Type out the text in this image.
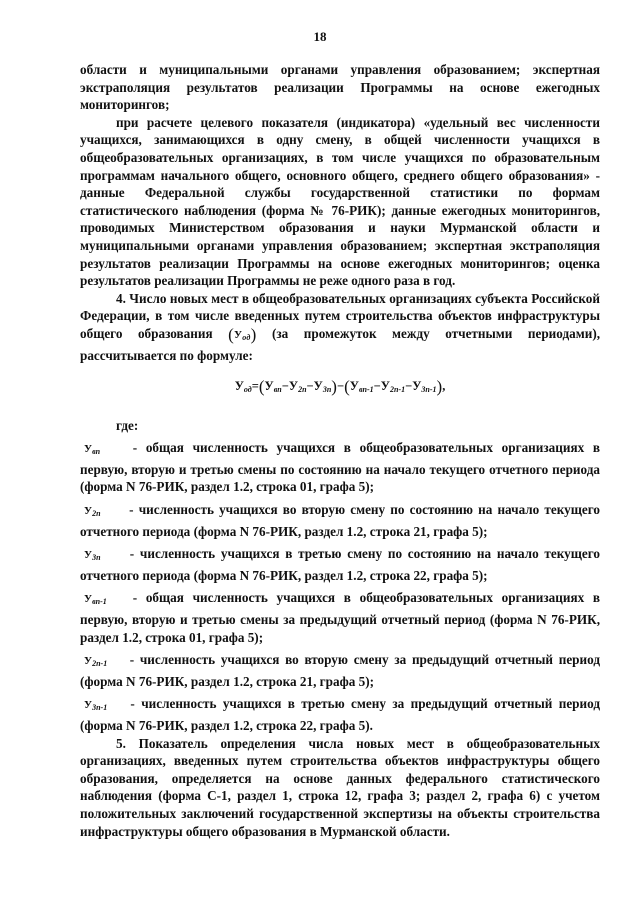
18

области и муниципальными органами управления образованием; экспертная экстраполяция результатов реализации Программы на основе ежегодных мониторингов;

при расчете целевого показателя (индикатора) «удельный вес численности учащихся, занимающихся в одну смену, в общей численности учащихся в общеобразовательных организациях, в том числе учащихся по образовательным программам начального общего, основного общего, среднего общего образования» - данные Федеральной службы государственной статистики по формам статистического наблюдения (форма № 76-РИК); данные ежегодных мониторингов, проводимых Министерством образования и науки Мурманской области и муниципальными органами управления образованием; экспертная экстраполяция результатов реализации Программы на основе ежегодных мониторингов; оценка результатов реализации Программы не реже одного раза в год.

4. Число новых мест в общеобразовательных организациях субъекта Российской Федерации, в том числе введенных путем строительства объектов инфраструктуры общего образования $(У_{од})$ (за промежуток между отчетными периодами), рассчитывается по формуле:

$У_{од}=(У_{вп}-У_{2п}-У_{3п})-(У_{вп-1}-У_{2п-1}-У_{3п-1})$,

где:

$У_{вп}$ - общая численность учащихся в общеобразовательных организациях в первую, вторую и третью смены по состоянию на начало текущего отчетного периода (форма N 76-РИК, раздел 1.2, строка 01, графа 5);

$У_{2п}$ - численность учащихся во вторую смену по состоянию на начало текущего отчетного периода (форма N 76-РИК, раздел 1.2, строка 21, графа 5);

$У_{3п}$ - численность учащихся в третью смену по состоянию на начало текущего отчетного периода (форма N 76-РИК, раздел 1.2, строка 22, графа 5);

$У_{вп-1}$ - общая численность учащихся в общеобразовательных организациях в первую, вторую и третью смены за предыдущий отчетный период (форма N 76-РИК, раздел 1.2, строка 01, графа 5);

$У_{2п-1}$ - численность учащихся во вторую смену за предыдущий отчетный период (форма N 76-РИК, раздел 1.2, строка 21, графа 5);

$У_{3п-1}$ - численность учащихся в третью смену за предыдущий отчетный период (форма N 76-РИК, раздел 1.2, строка 22, графа 5).

5. Показатель определения числа новых мест в общеобразовательных организациях, введенных путем строительства объектов инфраструктуры общего образования, определяется на основе данных федерального статистического наблюдения (форма С-1, раздел 1, строка 12, графа 3; раздел 2, графа 6) с учетом положительных заключений государственной экспертизы на объекты строительства инфраструктуры общего образования в Мурманской области.
